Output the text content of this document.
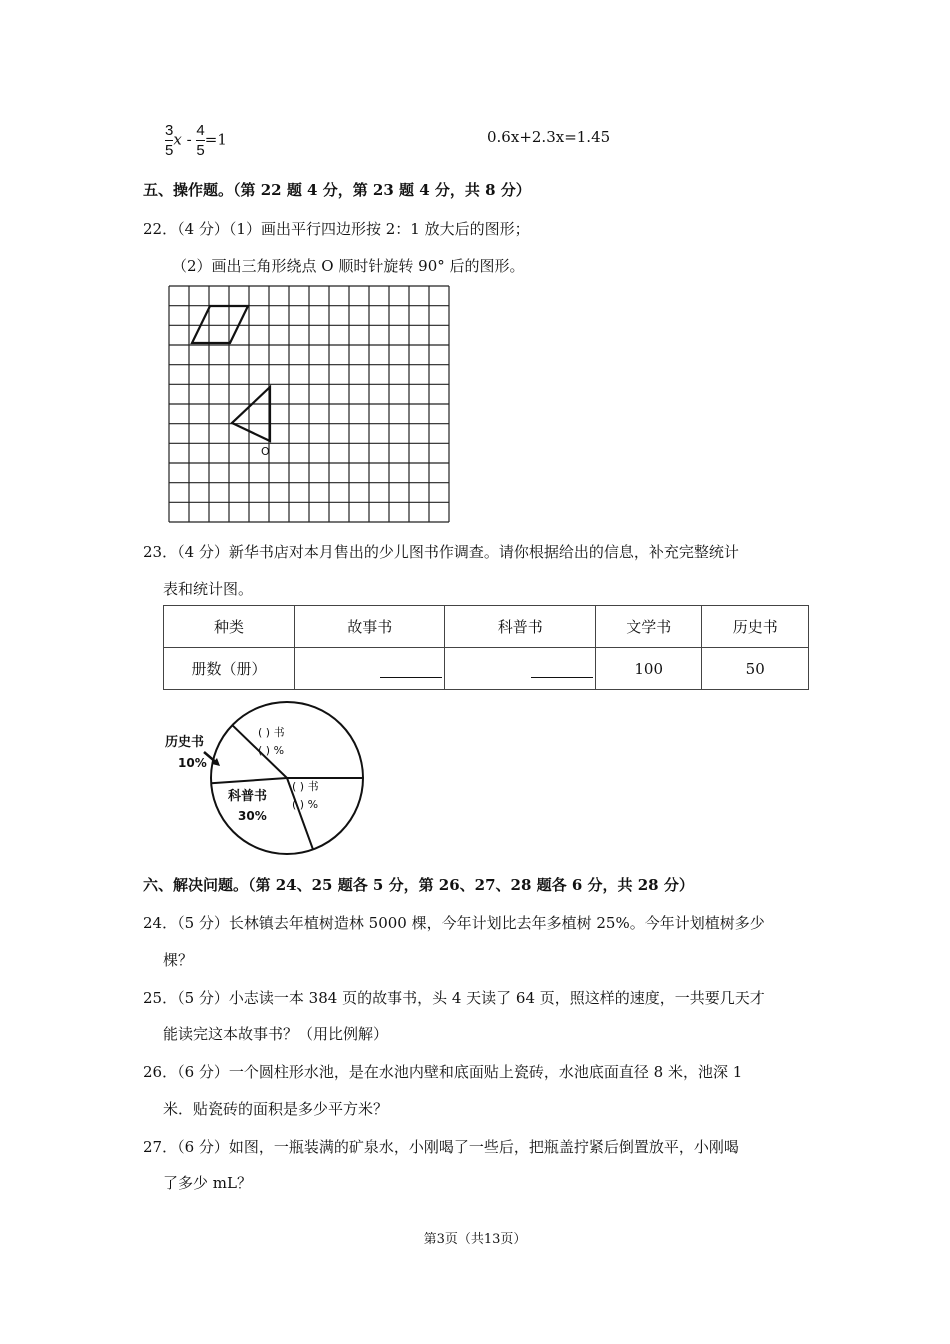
$\frac{3}{5}$ $x - \frac{4}{5} =1$	0.6x+2.3x=1.45
五、操作题。（第 22 题 4 分，第 23 题 4 分，共 8 分）
22．（4 分）（1）画出平行四边形按 2：1 放大后的图形；
（2）画出三角形绕点 O 顺时针旋转 90° 后的图形。
O
23．（4 分）新华书店对本月售出的少儿图书作调查。请你根据给出的信息，补充完整统计
表和统计图。
种类	故事书	科普书	文学书	历史书
册数（册）			100	50
历史书
10%
( ) 书
( ) %
( ) 书
( ) %
科普书
30%
六、解决问题。（第 24、25 题各 5 分，第 26、27、28 题各 6 分，共 28 分）
24．（5 分）长林镇去年植树造林 5000 棵，今年计划比去年多植树 25%。今年计划植树多少
棵？
25．（5 分）小志读一本 384 页的故事书，头 4 天读了 64 页，照这样的速度，一共要几天才
能读完这本故事书？（用比例解）
26．（6 分）一个圆柱形水池，是在水池内壁和底面贴上瓷砖，水池底面直径 8 米，池深 1
米．贴瓷砖的面积是多少平方米？
27．（6 分）如图，一瓶装满的矿泉水，小刚喝了一些后，把瓶盖拧紧后倒置放平，小刚喝
了多少 mL？
第3页（共13页）
